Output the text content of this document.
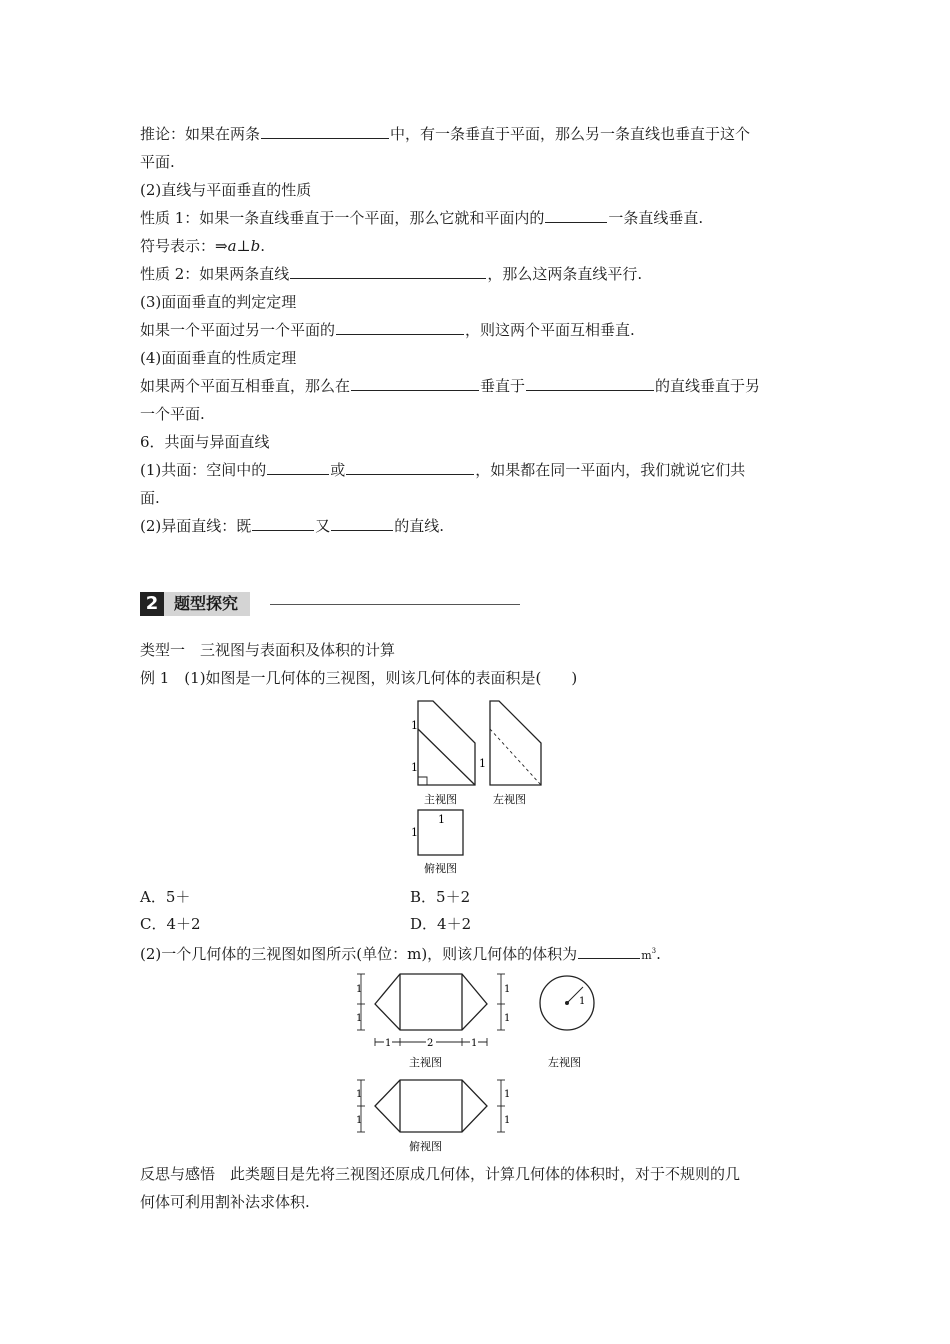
推论：如果在两条	中，有一条垂直于平面，那么另一条直线也垂直于这个
平面.
(2)直线与平面垂直的性质
性质 1：如果一条直线垂直于一个平面，那么它就和平面内的	一条直线垂直.
符号表示：⇒a⊥b.
性质 2：如果两条直线	，那么这两条直线平行.
(3)面面垂直的判定定理
如果一个平面过另一个平面的	，则这两个平面互相垂直.
(4)面面垂直的性质定理
如果两个平面互相垂直，那么在	垂直于	的直线垂直于另
一个平面.
6．共面与异面直线
(1)共面：空间中的	或	，如果都在同一平面内，我们就说它们共
面.
(2)异面直线：既	又	的直线.
2 题型探究
类型一　三视图与表面积及体积的计算
例 1　(1)如图是一几何体的三视图，则该几何体的表面积是(　　)
1
1	1
主视图	左视图
1
1
俯视图
A．5＋	B．5＋2
C．4＋2	D．4＋2
(2)一个几何体的三视图如图所示(单位：m)，则该几何体的体积为	$m^3$.
1
1
1
1
1	2	1
主视图
1
左视图
1
1
1
1
俯视图
反思与感悟　此类题目是先将三视图还原成几何体，计算几何体的体积时，对于不规则的几
何体可利用割补法求体积.
